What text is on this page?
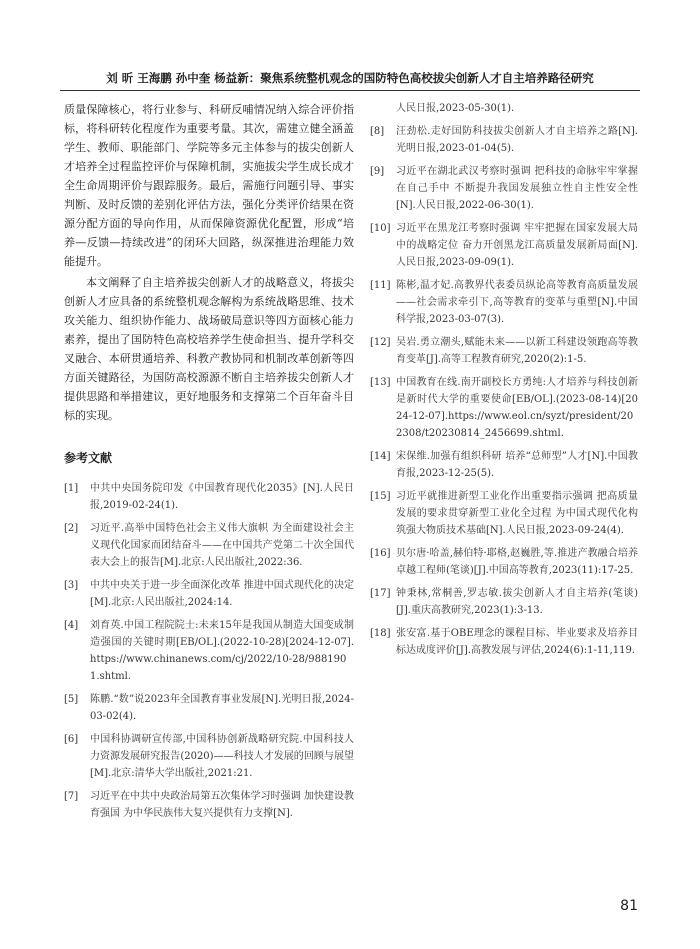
刘 昕 王海鹏 孙中奎 杨益新：聚焦系统整机观念的国防特色高校拔尖创新人才自主培养路径研究

质量保障核心，将行业参与、科研反哺情况纳入综合评价指标，将科研转化程度作为重要考量。其次，需建立健全涵盖学生、教师、职能部门、学院等多元主体参与的拔尖创新人才培养全过程监控评价与保障机制，实施拔尖学生成长成才全生命周期评价与跟踪服务。最后，需施行问题引导、事实判断、及时反馈的差别化评估方法，强化分类评价结果在资源分配方面的导向作用，从而保障资源优化配置，形成“培养—反馈—持续改进”的闭环大回路，纵深推进治理能力效能提升。

本文阐释了自主培养拔尖创新人才的战略意义，将拔尖创新人才应具备的系统整机观念解构为系统战略思维、技术攻关能力、组织协作能力、战场破局意识等四方面核心能力素养，提出了国防特色高校培养学生使命担当、提升学科交叉融合、本研贯通培养、科教产教协同和机制改革创新等四方面关键路径，为国防高校源源不断自主培养拔尖创新人才提供思路和举措建议，更好地服务和支撑第二个百年奋斗目标的实现。

参考文献
[1]	中共中央国务院印发《中国教育现代化2035》[N].人民日报,2019-02-24(1).
[2]	习近平.高举中国特色社会主义伟大旗帜 为全面建设社会主义现代化国家而团结奋斗——在中国共产党第二十次全国代表大会上的报告[M].北京:人民出版社,2022:36.
[3]	中共中央关于进一步全面深化改革 推进中国式现代化的决定[M].北京:人民出版社,2024:14.
[4]	刘育英.中国工程院院士:未来15年是我国从制造大国变成制造强国的关键时期[EB/OL].(2022-10-28)[2024-12-07].https://www.chinanews.com/cj/2022/10-28/9881901.shtml.
[5]	陈鹏.“数”说2023年全国教育事业发展[N].光明日报,2024-03-02(4).
[6]	中国科协调研宣传部,中国科协创新战略研究院.中国科技人力资源发展研究报告(2020)——科技人才发展的回顾与展望[M].北京:清华大学出版社,2021:21.
[7]	习近平在中共中央政治局第五次集体学习时强调 加快建设教育强国 为中华民族伟大复兴提供有力支撑[N].
人民日报,2023-05-30(1).
[8]	汪劲松.走好国防科技拔尖创新人才自主培养之路[N].光明日报,2023-01-04(5).
[9]	习近平在湖北武汉考察时强调 把科技的命脉牢牢掌握在自己手中 不断提升我国发展独立性自主性安全性[N].人民日报,2022-06-30(1).
[10] 习近平在黑龙江考察时强调 牢牢把握在国家发展大局中的战略定位 奋力开创黑龙江高质量发展新局面[N].人民日报,2023-09-09(1).
[11] 陈彬,温才妃.高教界代表委员纵论高等教育高质量发展——社会需求牵引下,高等教育的变革与重塑[N].中国科学报,2023-03-07(3).
[12] 吴岩.勇立潮头,赋能未来——以新工科建设领跑高等教育变革[J].高等工程教育研究,2020(2):1-5.
[13] 中国教育在线.南开副校长方勇纯:人才培养与科技创新是新时代大学的重要使命[EB/OL].(2023-08-14)[2024-12-07].https://www.eol.cn/syzt/president/202308/t20230814_2456699.shtml.
[14] 宋保维.加强有组织科研 培养“总师型”人才[N].中国教育报,2023-12-25(5).
[15] 习近平就推进新型工业化作出重要指示强调 把高质量发展的要求贯穿新型工业化全过程 为中国式现代化构筑强大物质技术基础[N].人民日报,2023-09-24(4).
[16] 贝尔唐·哈盖,赫伯特·耶格,赵巍胜,等.推进产教融合培养卓越工程师(笔谈)[J].中国高等教育,2023(11):17-25.
[17] 钟秉林,常桐善,罗志敏.拔尖创新人才自主培养(笔谈)[J].重庆高教研究,2023(1):3-13.
[18] 张安富.基于OBE理念的课程目标、毕业要求及培养目标达成度评价[J].高教发展与评估,2024(6):1-11,119.
81
